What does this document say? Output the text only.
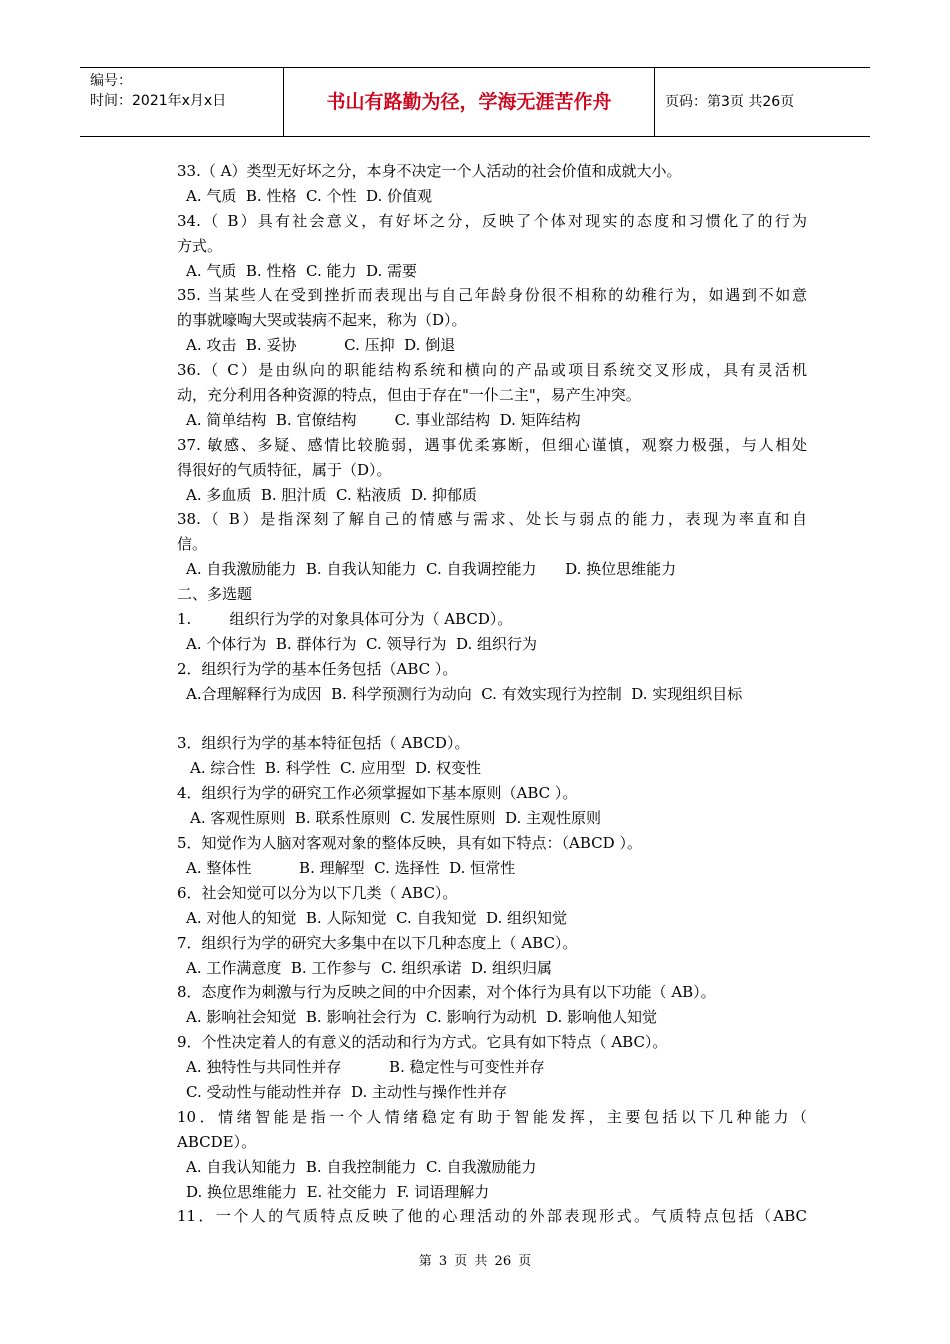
编号：
时间：2021年x月x日	书山有路勤为径，学海无涯苦作舟	页码：第3页 共26页
33.（ A）类型无好坏之分，本身不决定一个人活动的社会价值和成就大小。
A. 气质  B. 性格  C. 个性  D. 价值观
34.（ B）具有社会意义，有好坏之分，反映了个体对现实的态度和习惯化了的行为
方式。
A. 气质  B. 性格  C. 能力  D. 需要
35. 当某些人在受到挫折而表现出与自己年龄身份很不相称的幼稚行为，如遇到不如意
的事就嚎啕大哭或装病不起来，称为（D）。
A. 攻击  B. 妥协          C. 压抑  D. 倒退
36.（ C）是由纵向的职能结构系统和横向的产品或项目系统交叉形成，具有灵活机
动，充分利用各种资源的特点，但由于存在"一仆二主"，易产生冲突。
A. 简单结构  B. 官僚结构        C. 事业部结构  D. 矩阵结构
37. 敏感、多疑、感情比较脆弱，遇事优柔寡断，但细心谨慎，观察力极强，与人相处
得很好的气质特征，属于（D）。
A. 多血质  B. 胆汁质  C. 粘液质  D. 抑郁质
38.（ B）是指深刻了解自己的情感与需求、处长与弱点的能力，表现为率直和自
信。
A. 自我激励能力  B. 自我认知能力  C. 自我调控能力      D. 换位思维能力
二、多选题
1.        组织行为学的对象具体可分为（ ABCD）。
A. 个体行为  B. 群体行为  C. 领导行为  D. 组织行为
2．组织行为学的基本任务包括（ABC ）。
A.合理解释行为成因  B. 科学预测行为动向  C. 有效实现行为控制  D. 实现组织目标
3．组织行为学的基本特征包括（ ABCD）。
A. 综合性  B. 科学性  C. 应用型  D. 权变性
4．组织行为学的研究工作必须掌握如下基本原则（ABC ）。
A. 客观性原则  B. 联系性原则  C. 发展性原则  D. 主观性原则
5．知觉作为人脑对客观对象的整体反映，具有如下特点：（ABCD ）。
A. 整体性          B. 理解型  C. 选择性  D. 恒常性
6．社会知觉可以分为以下几类（ ABC）。
A. 对他人的知觉  B. 人际知觉  C. 自我知觉  D. 组织知觉
7．组织行为学的研究大多集中在以下几种态度上（ ABC）。
A. 工作满意度  B. 工作参与  C. 组织承诺  D. 组织归属
8．态度作为刺激与行为反映之间的中介因素，对个体行为具有以下功能（ AB）。
A. 影响社会知觉  B. 影响社会行为  C. 影响行为动机  D. 影响他人知觉
9．个性决定着人的有意义的活动和行为方式。它具有如下特点（ ABC）。
A. 独特性与共同性并存          B. 稳定性与可变性并存
C. 受动性与能动性并存  D. 主动性与操作性并存
10．情绪智能是指一个人情绪稳定有助于智能发挥，主要包括以下几种能力（
ABCDE）。
A. 自我认知能力  B. 自我控制能力  C. 自我激励能力
D. 换位思维能力  E. 社交能力  F. 词语理解力
11．一个人的气质特点反映了他的心理活动的外部表现形式。气质特点包括（ABC
第 3 页 共 26 页
